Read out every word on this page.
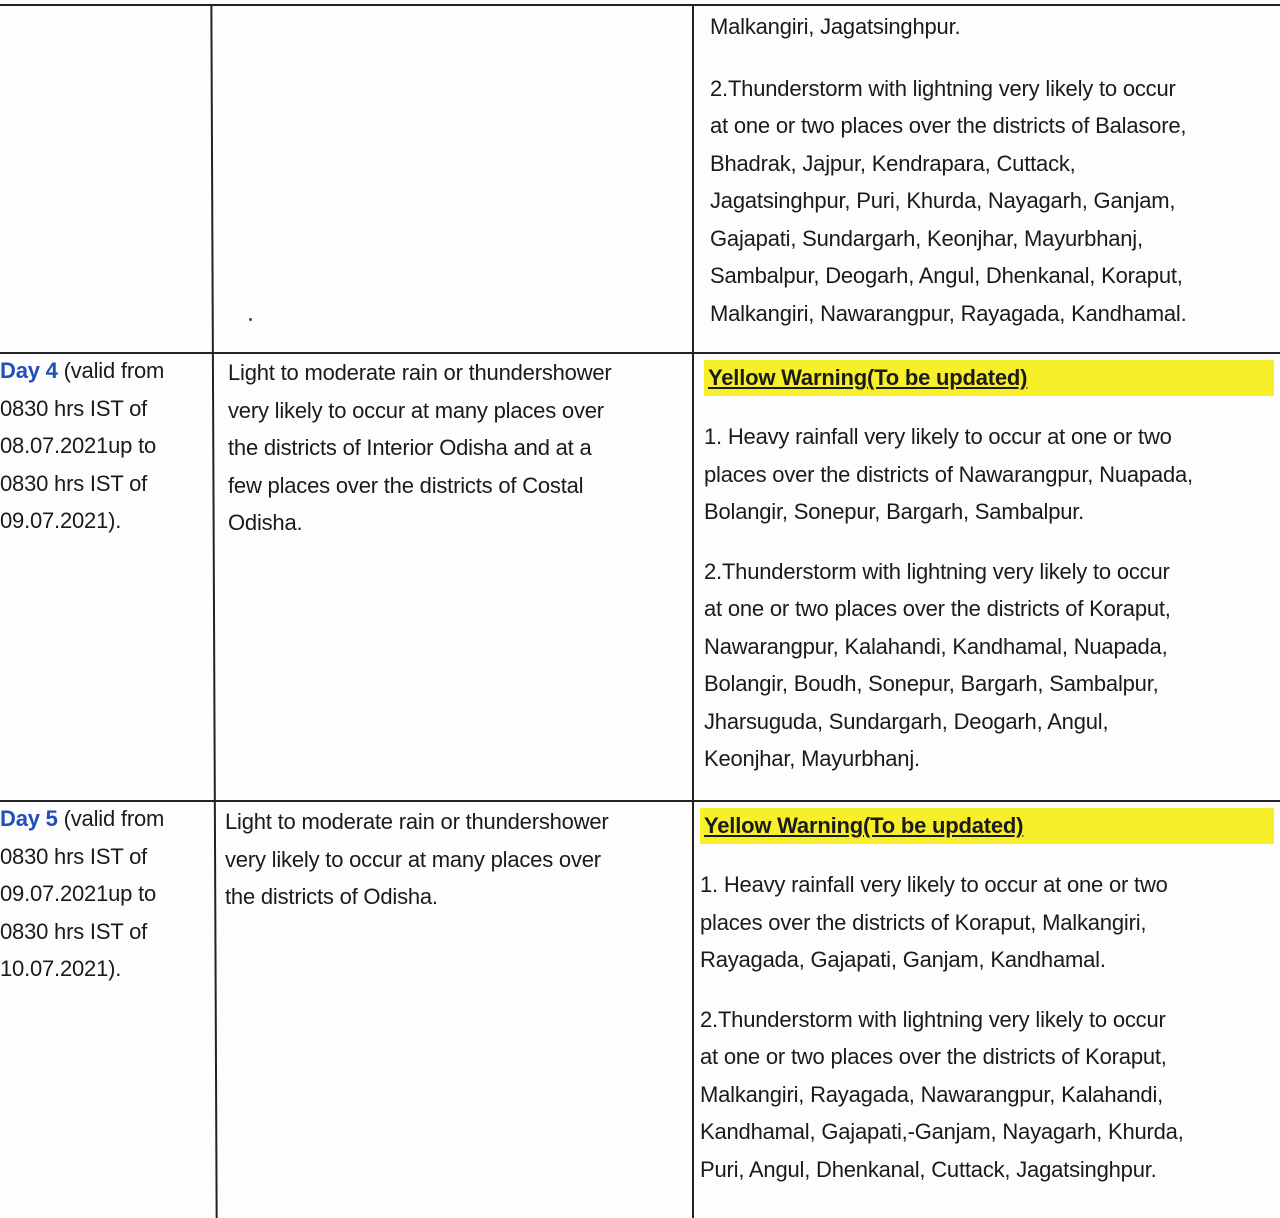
Malkangiri, Jagatsinghpur.

2.Thunderstorm with lightning very likely to occur

at one or two places over the districts of Balasore,

Bhadrak, Jajpur, Kendrapara, Cuttack,

Jagatsinghpur, Puri, Khurda, Nayagarh, Ganjam,

Gajapati, Sundargarh, Keonjhar, Mayurbhanj,

Sambalpur, Deogarh, Angul, Dhenkanal, Koraput,

Malkangiri, Nawarangpur, Rayagada, Kandhamal.

Day 4 (valid from

0830 hrs IST of

08.07.2021up to

0830 hrs IST of

09.07.2021).

Light to moderate rain or thundershower

very likely to occur at many places over

the districts of Interior Odisha and at a

few places over the districts of Costal

Odisha.

Yellow Warning(To be updated)

1. Heavy rainfall very likely to occur at one or two

places over the districts of Nawarangpur, Nuapada,

Bolangir, Sonepur, Bargarh, Sambalpur.

2.Thunderstorm with lightning very likely to occur

at one or two places over the districts of Koraput,

Nawarangpur, Kalahandi, Kandhamal, Nuapada,

Bolangir, Boudh, Sonepur, Bargarh, Sambalpur,

Jharsuguda, Sundargarh, Deogarh, Angul,

Keonjhar, Mayurbhanj.

Day 5 (valid from

0830 hrs IST of

09.07.2021up to

0830 hrs IST of

10.07.2021).

Light to moderate rain or thundershower

very likely to occur at many places over

the districts of Odisha.

Yellow Warning(To be updated)

1. Heavy rainfall very likely to occur at one or two

places over the districts of Koraput, Malkangiri,

Rayagada, Gajapati, Ganjam, Kandhamal.

2.Thunderstorm with lightning very likely to occur

at one or two places over the districts of Koraput,

Malkangiri, Rayagada, Nawarangpur, Kalahandi,

Kandhamal, Gajapati,-Ganjam, Nayagarh, Khurda,

Puri, Angul, Dhenkanal, Cuttack, Jagatsinghpur.
